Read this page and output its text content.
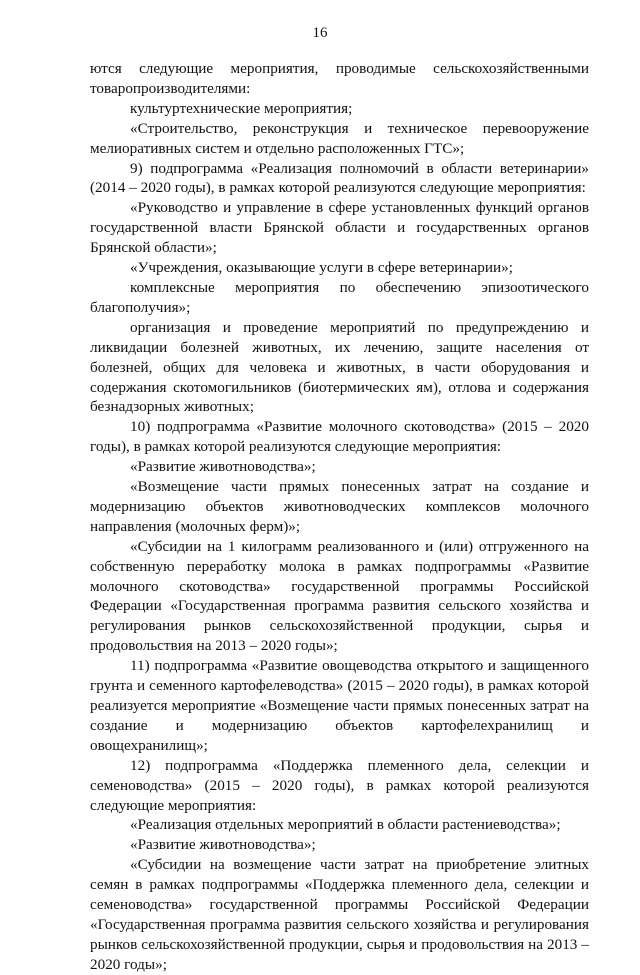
16

ются следующие мероприятия, проводимые сельскохозяйственными товаропроизводителями:

культуртехнические мероприятия;

«Строительство, реконструкция и техническое перевооружение мелиоративных систем и отдельно расположенных ГТС»;

9) подпрограмма «Реализация полномочий в области ветеринарии» (2014 – 2020 годы), в рамках которой реализуются следующие мероприятия:

«Руководство и управление в сфере установленных функций органов государственной власти Брянской области и государственных органов Брянской области»;

«Учреждения, оказывающие услуги в сфере ветеринарии»;

комплексные мероприятия по обеспечению эпизоотического благополучия»;

организация и проведение мероприятий по предупреждению и ликвидации болезней животных, их лечению, защите населения от болезней, общих для человека и животных, в части оборудования и содержания скотомогильников (биотермических ям), отлова и содержания безнадзорных животных;

10) подпрограмма «Развитие молочного скотоводства» (2015 – 2020 годы), в рамках которой реализуются следующие мероприятия:

«Развитие животноводства»;

«Возмещение части прямых понесенных затрат на создание и модернизацию объектов животноводческих комплексов молочного направления (молочных ферм)»;

«Субсидии на 1 килограмм реализованного и (или) отгруженного на собственную переработку молока в рамках подпрограммы «Развитие молочного скотоводства» государственной программы Российской Федерации «Государственная программа развития сельского хозяйства и регулирования рынков сельскохозяйственной продукции, сырья и продовольствия на 2013 – 2020 годы»;

11) подпрограмма «Развитие овощеводства открытого и защищенного грунта и семенного картофелеводства» (2015 – 2020 годы), в рамках которой реализуется мероприятие «Возмещение части прямых понесенных затрат на создание и модернизацию объектов картофелехранилищ и овощехранилищ»;

12) подпрограмма «Поддержка племенного дела, селекции и семеноводства» (2015 – 2020 годы), в рамках которой реализуются следующие мероприятия:

«Реализация отдельных мероприятий в области растениеводства»;

«Развитие животноводства»;

«Субсидии на возмещение части затрат на приобретение элитных семян в рамках подпрограммы «Поддержка племенного дела, селекции и семеноводства» государственной программы Российской Федерации «Государственная программа развития сельского хозяйства и регулирования рынков сельскохозяйственной продукции, сырья и продовольствия на 2013 – 2020 годы»;
